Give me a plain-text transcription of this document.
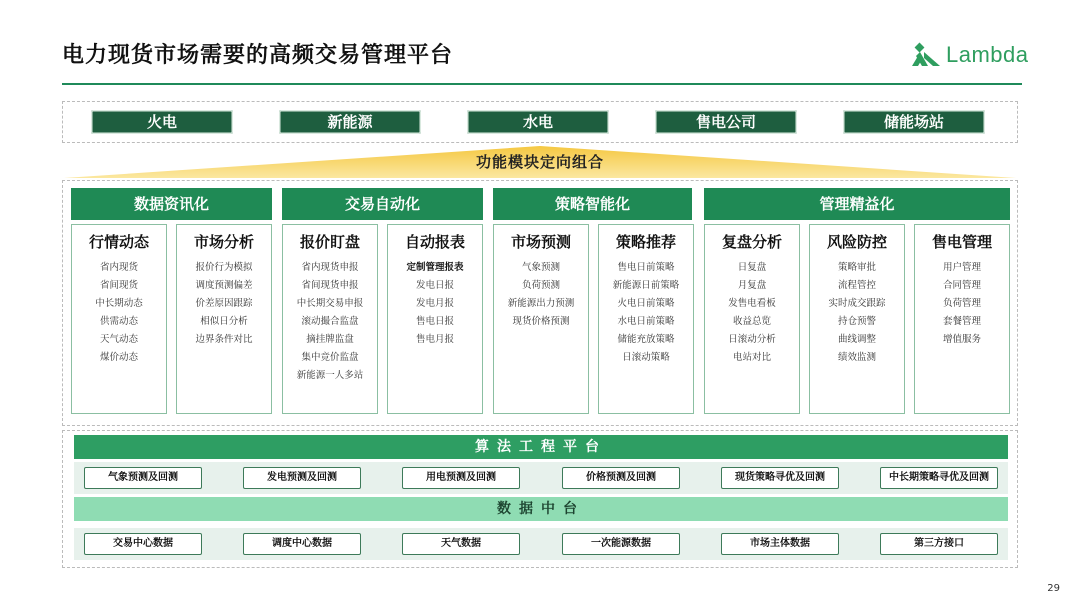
电力现货市场需要的高频交易管理平台	Lambda
火电	新能源	水电	售电公司	储能场站
功能模块定向组合
数据资讯化	交易自动化	策略智能化	管理精益化
行情动态
省内现货
省间现货
中长期动态
供需动态
天气动态
煤价动态
市场分析
报价行为模拟
调度预测偏差
价差原因跟踪
相似日分析
边界条件对比
报价盯盘
省内现货申报
省间现货申报
中长期交易申报
滚动撮合监盘
摘挂牌监盘
集中竞价监盘
新能源一人多站
自动报表
定制管理报表
发电日报
发电月报
售电日报
售电月报
市场预测
气象预测
负荷预测
新能源出力预测
现货价格预测
策略推荐
售电日前策略
新能源日前策略
火电日前策略
水电日前策略
储能充放策略
日滚动策略
复盘分析
日复盘
月复盘
发售电看板
收益总览
日滚动分析
电站对比
风险防控
策略审批
流程管控
实时成交跟踪
持仓预警
曲线调整
绩效监测
售电管理
用户管理
合同管理
负荷管理
套餐管理
增值服务
算法工程平台
气象预测及回测	发电预测及回测	用电预测及回测	价格预测及回测	现货策略寻优及回测	中长期策略寻优及回测
数据中台
交易中心数据	调度中心数据	天气数据	一次能源数据	市场主体数据	第三方接口
29
